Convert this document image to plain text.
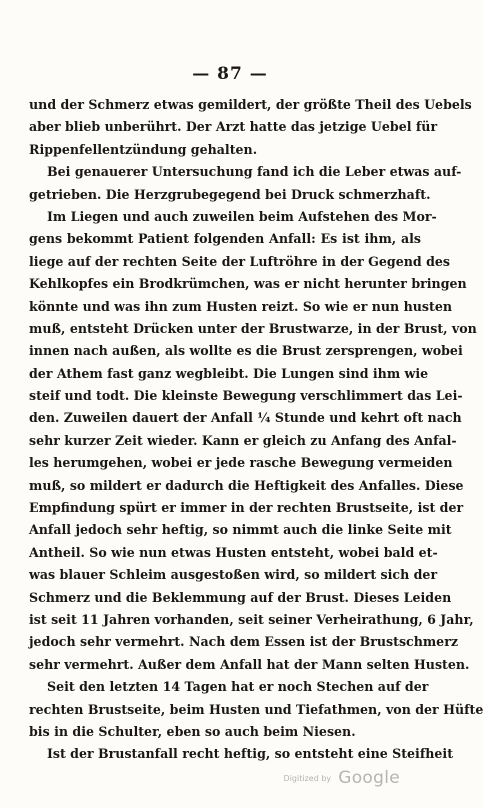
— 87 —
und der Schmerz etwas gemildert, der größte Theil des Uebels
aber blieb unberührt. Der Arzt hatte das jetzige Uebel für
Rippenfellentzündung gehalten.
Bei genauerer Untersuchung fand ich die Leber etwas auf-
getrieben. Die Herzgrubegegend bei Druck schmerzhaft.
Im Liegen und auch zuweilen beim Aufstehen des Mor-
gens bekommt Patient folgenden Anfall: Es ist ihm, als
liege auf der rechten Seite der Luftröhre in der Gegend des
Kehlkopfes ein Brodkrümchen, was er nicht herunter bringen
könnte und was ihn zum Husten reizt. So wie er nun husten
muß, entsteht Drücken unter der Brustwarze, in der Brust, von
innen nach außen, als wollte es die Brust zersprengen, wobei
der Athem fast ganz wegbleibt. Die Lungen sind ihm wie
steif und todt. Die kleinste Bewegung verschlimmert das Lei-
den. Zuweilen dauert der Anfall ¼ Stunde und kehrt oft nach
sehr kurzer Zeit wieder. Kann er gleich zu Anfang des Anfal-
les herumgehen, wobei er jede rasche Bewegung vermeiden
muß, so mildert er dadurch die Heftigkeit des Anfalles. Diese
Empfindung spürt er immer in der rechten Brustseite, ist der
Anfall jedoch sehr heftig, so nimmt auch die linke Seite mit
Antheil. So wie nun etwas Husten entsteht, wobei bald et-
was blauer Schleim ausgestoßen wird, so mildert sich der
Schmerz und die Beklemmung auf der Brust. Dieses Leiden
ist seit 11 Jahren vorhanden, seit seiner Verheirathung, 6 Jahr,
jedoch sehr vermehrt. Nach dem Essen ist der Brustschmerz
sehr vermehrt. Außer dem Anfall hat der Mann selten Husten.
Seit den letzten 14 Tagen hat er noch Stechen auf der
rechten Brustseite, beim Husten und Tiefathmen, von der Hüfte
bis in die Schulter, eben so auch beim Niesen.
Ist der Brustanfall recht heftig, so entsteht eine Steifheit
Digitized by Google
